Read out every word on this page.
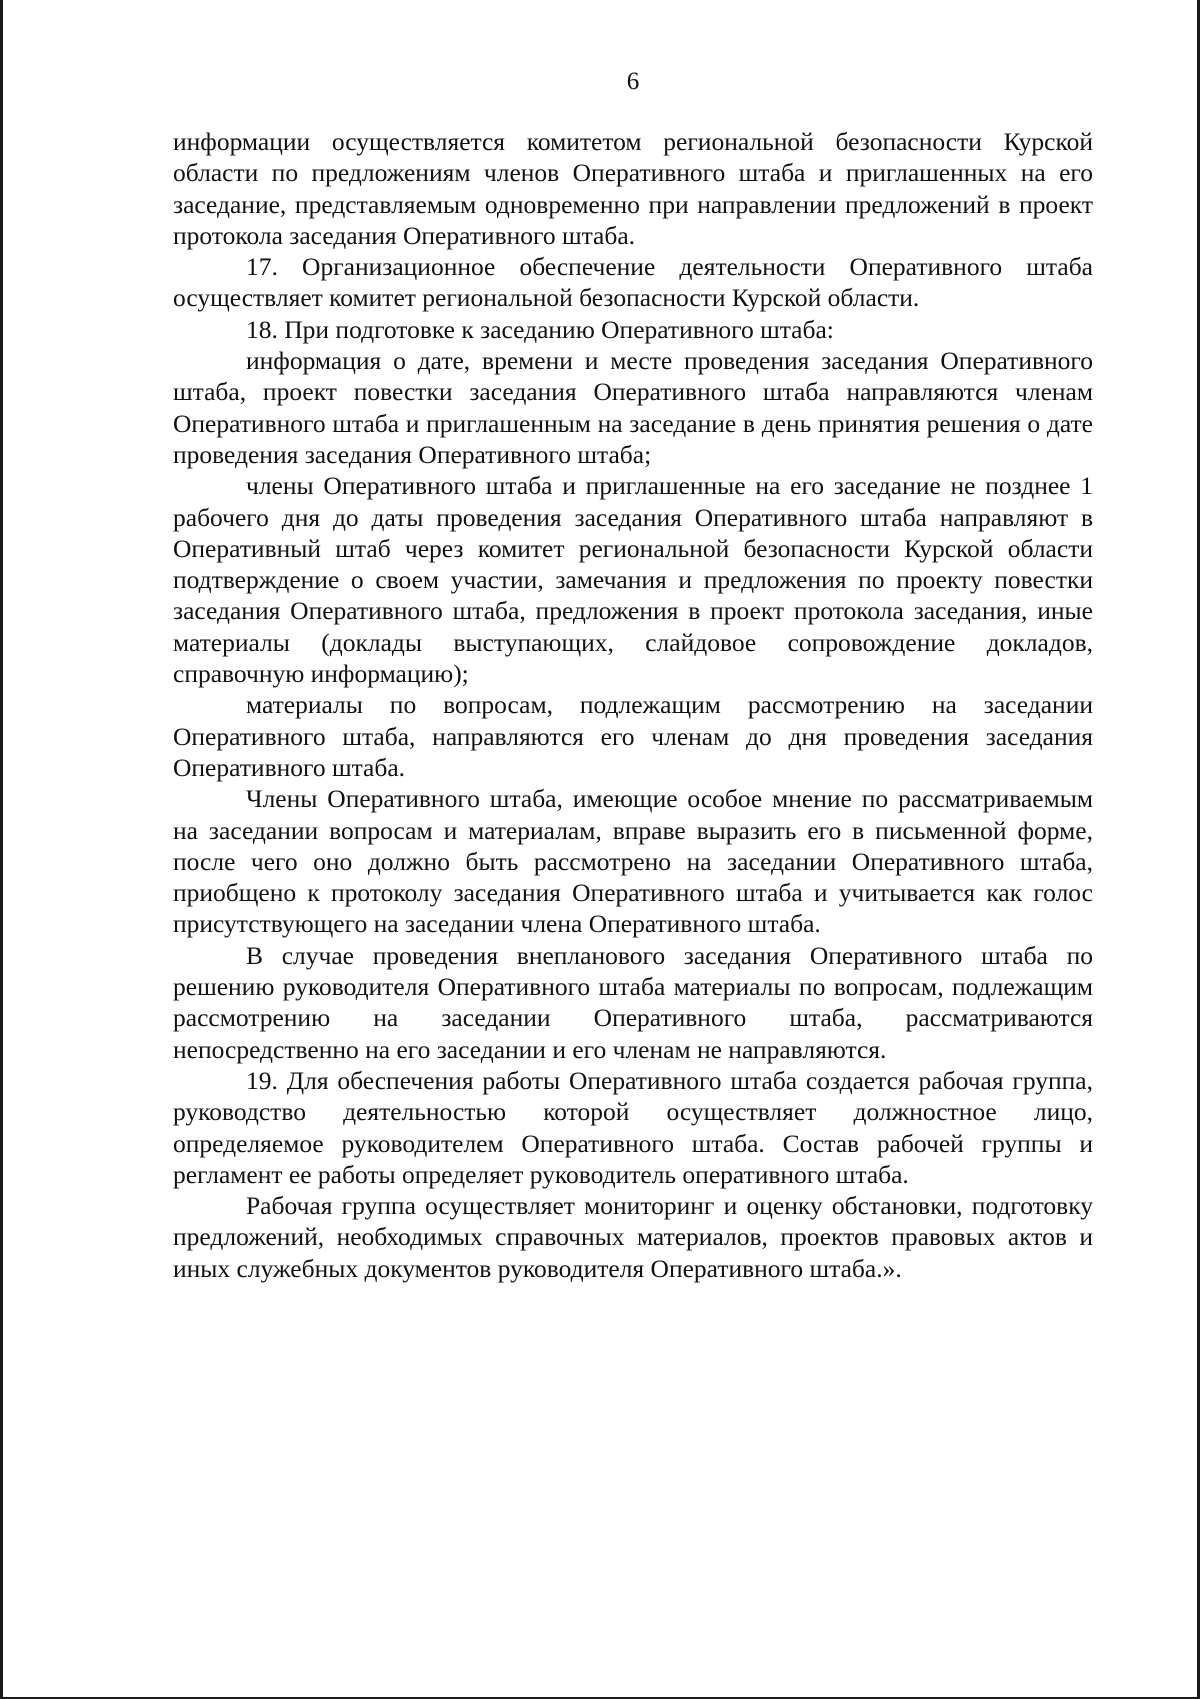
6

информации осуществляется комитетом региональной безопасности Курской области по предложениям членов Оперативного штаба и приглашенных на его заседание, представляемым одновременно при направлении предложений в проект протокола заседания Оперативного штаба.

17. Организационное обеспечение деятельности Оперативного штаба осуществляет комитет региональной безопасности Курской области.

18. При подготовке к заседанию Оперативного штаба:

информация о дате, времени и месте проведения заседания Оперативного штаба, проект повестки заседания Оперативного штаба направляются членам Оперативного штаба и приглашенным на заседание в день принятия решения о дате проведения заседания Оперативного штаба;

члены Оперативного штаба и приглашенные на его заседание не позднее 1 рабочего дня до даты проведения заседания Оперативного штаба направляют в Оперативный штаб через комитет региональной безопасности Курской области подтверждение о своем участии, замечания и предложения по проекту повестки заседания Оперативного штаба, предложения в проект протокола заседания, иные материалы (доклады выступающих, слайдовое сопровождение докладов, справочную информацию);

материалы по вопросам, подлежащим рассмотрению на заседании Оперативного штаба, направляются его членам до дня проведения заседания Оперативного штаба.

Члены Оперативного штаба, имеющие особое мнение по рассматриваемым на заседании вопросам и материалам, вправе выразить его в письменной форме, после чего оно должно быть рассмотрено на заседании Оперативного штаба, приобщено к протоколу заседания Оперативного штаба и учитывается как голос присутствующего на заседании члена Оперативного штаба.

В случае проведения внепланового заседания Оперативного штаба по решению руководителя Оперативного штаба материалы по вопросам, подлежащим рассмотрению на заседании Оперативного штаба, рассматриваются непосредственно на его заседании и его членам не направляются.

19. Для обеспечения работы Оперативного штаба создается рабочая группа, руководство деятельностью которой осуществляет должностное лицо, определяемое руководителем Оперативного штаба. Состав рабочей группы и регламент ее работы определяет руководитель оперативного штаба.

Рабочая группа осуществляет мониторинг и оценку обстановки, подготовку предложений, необходимых справочных материалов, проектов правовых актов и иных служебных документов руководителя Оперативного штаба.».
